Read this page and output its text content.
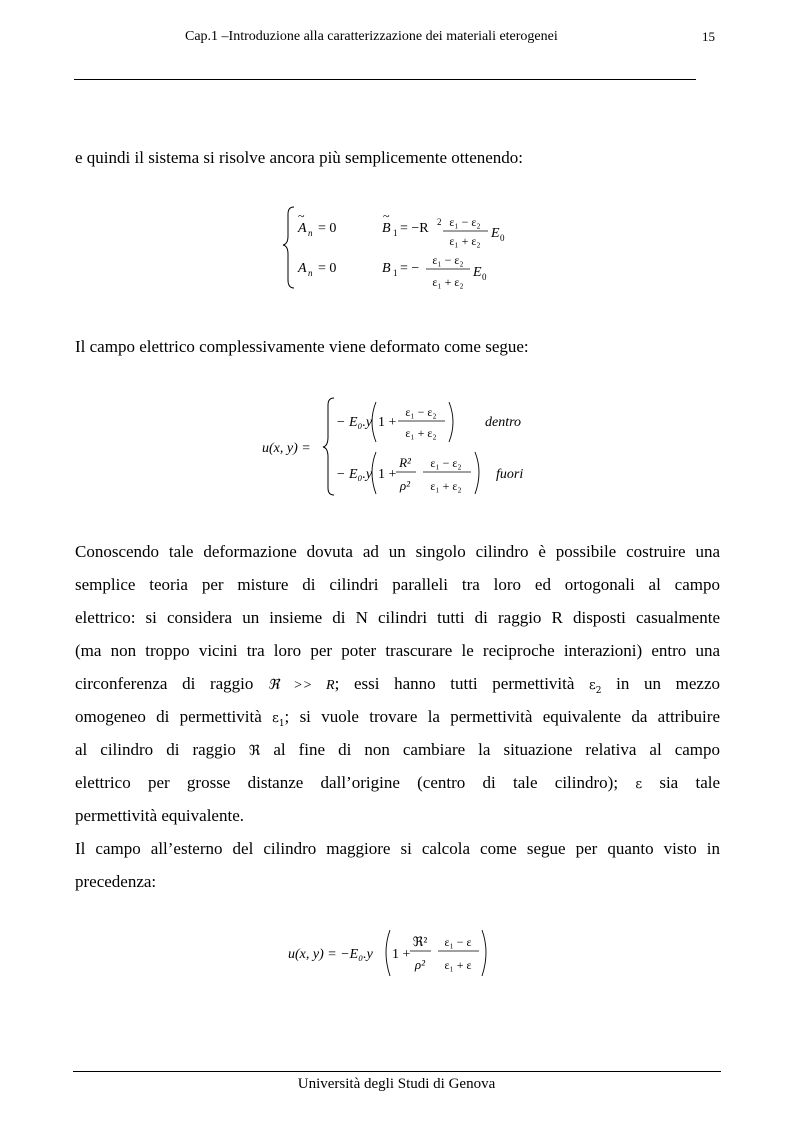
Cap.1 –Introduzione alla caratterizzazione dei materiali eterogenei	15
e quindi il sistema si risolve ancora più semplicemente ottenendo:
A
~
n = 0	B
~
1 = −R 2 ε₁ − ε₂
ε₁ + ε₂ E 0
A n = 0	B 1 = −
ε₁ − ε₂
ε₁ + ε₂
E 0
Il campo elettrico complessivamente viene deformato come segue:
u(x, y) =
− E₀.y 1 +
ε₁ − ε₂
ε₁ + ε₂
dentro
− E₀.y 1 +
R²
ρ²
ε₁ − ε₂
ε₁ + ε₂
fuori
Conoscendo tale deformazione dovuta ad un singolo cilindro è possibile costruire una
semplice teoria per misture di cilindri paralleli tra loro ed ortogonali al campo
elettrico: si considera un insieme di N cilindri tutti di raggio R disposti casualmente
(ma non troppo vicini tra loro per poter trascurare le reciproche interazioni) entro una
circonferenza di raggio ℜ >> R; essi hanno tutti permettività $\varepsilon_2$ in un mezzo
omogeneo di permettività $\varepsilon_1$; si vuole trovare la permettività equivalente da attribuire
al cilindro di raggio ℜ al fine di non cambiare la situazione relativa al campo
elettrico per grosse distanze dall’origine (centro di tale cilindro); ε sia tale
permettività equivalente.
Il campo all’esterno del cilindro maggiore si calcola come segue per quanto visto in
precedenza:
u(x, y) = −E₀.y 1 +
ℜ²
ρ²
ε₁ − ε
ε₁ + ε
Università degli Studi di Genova
